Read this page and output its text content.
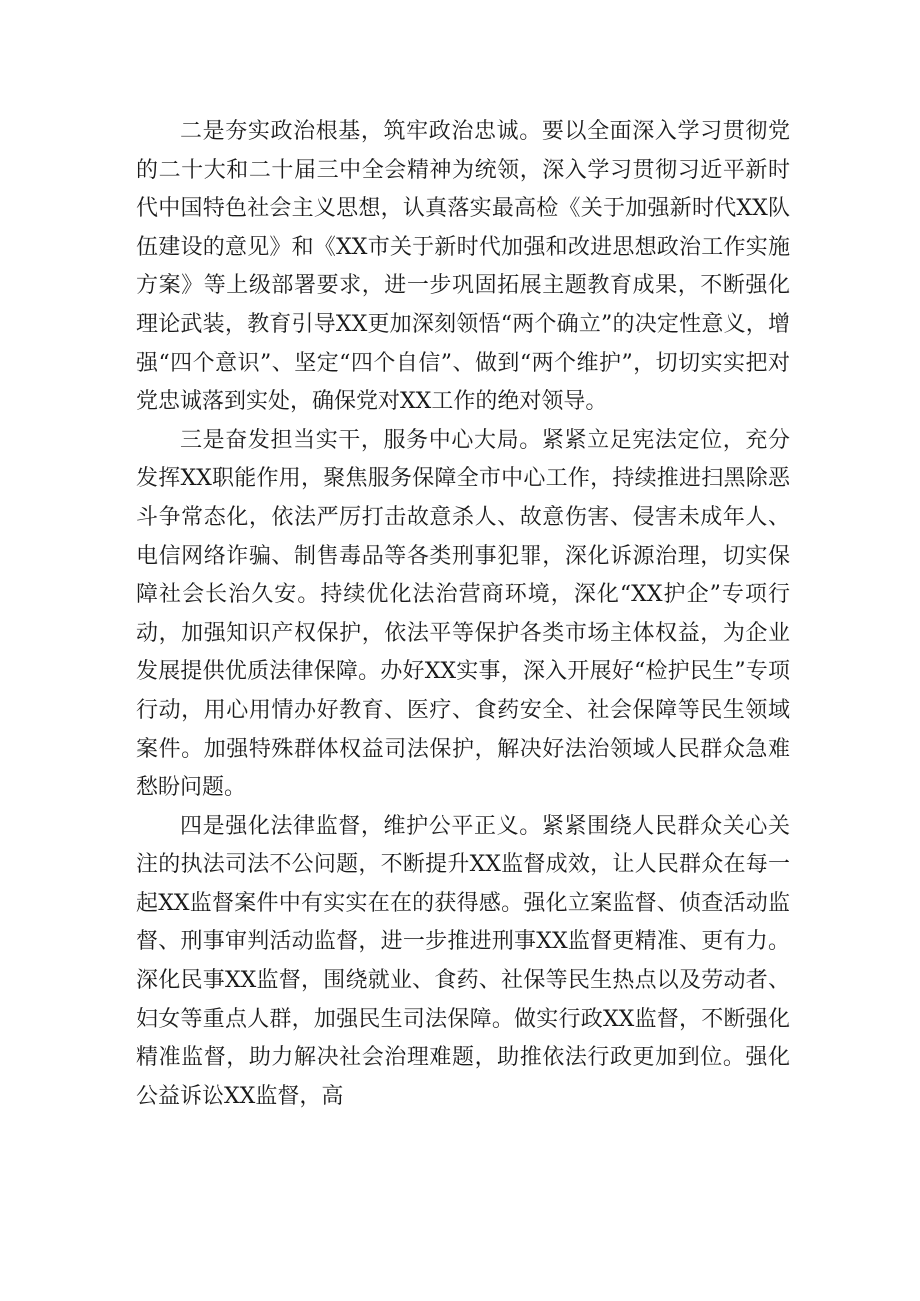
二是夯实政治根基，筑牢政治忠诚。要以全面深入学习贯彻党的二十大和二十届三中全会精神为统领，深入学习贯彻习近平新时代中国特色社会主义思想，认真落实最高检《关于加强新时代XX队伍建设的意见》和《XX市关于新时代加强和改进思想政治工作实施方案》等上级部署要求，进一步巩固拓展主题教育成果，不断强化理论武装，教育引导XX更加深刻领悟“两个确立”的决定性意义，增强“四个意识”、坚定“四个自信”、做到“两个维护”，切切实实把对党忠诚落到实处，确保党对XX工作的绝对领导。

三是奋发担当实干，服务中心大局。紧紧立足宪法定位，充分发挥XX职能作用，聚焦服务保障全市中心工作，持续推进扫黑除恶斗争常态化，依法严厉打击故意杀人、故意伤害、侵害未成年人、电信网络诈骗、制售毒品等各类刑事犯罪，深化诉源治理，切实保障社会长治久安。持续优化法治营商环境，深化“XX护企”专项行动，加强知识产权保护，依法平等保护各类市场主体权益，为企业发展提供优质法律保障。办好XX实事，深入开展好“检护民生”专项行动，用心用情办好教育、医疗、食药安全、社会保障等民生领域案件。加强特殊群体权益司法保护，解决好法治领域人民群众急难愁盼问题。

四是强化法律监督，维护公平正义。紧紧围绕人民群众关心关注的执法司法不公问题，不断提升XX监督成效，让人民群众在每一起XX监督案件中有实实在在的获得感。强化立案监督、侦查活动监督、刑事审判活动监督，进一步推进刑事XX监督更精准、更有力。深化民事XX监督，围绕就业、食药、社保等民生热点以及劳动者、妇女等重点人群，加强民生司法保障。做实行政XX监督，不断强化精准监督，助力解决社会治理难题，助推依法行政更加到位。强化公益诉讼XX监督，高
